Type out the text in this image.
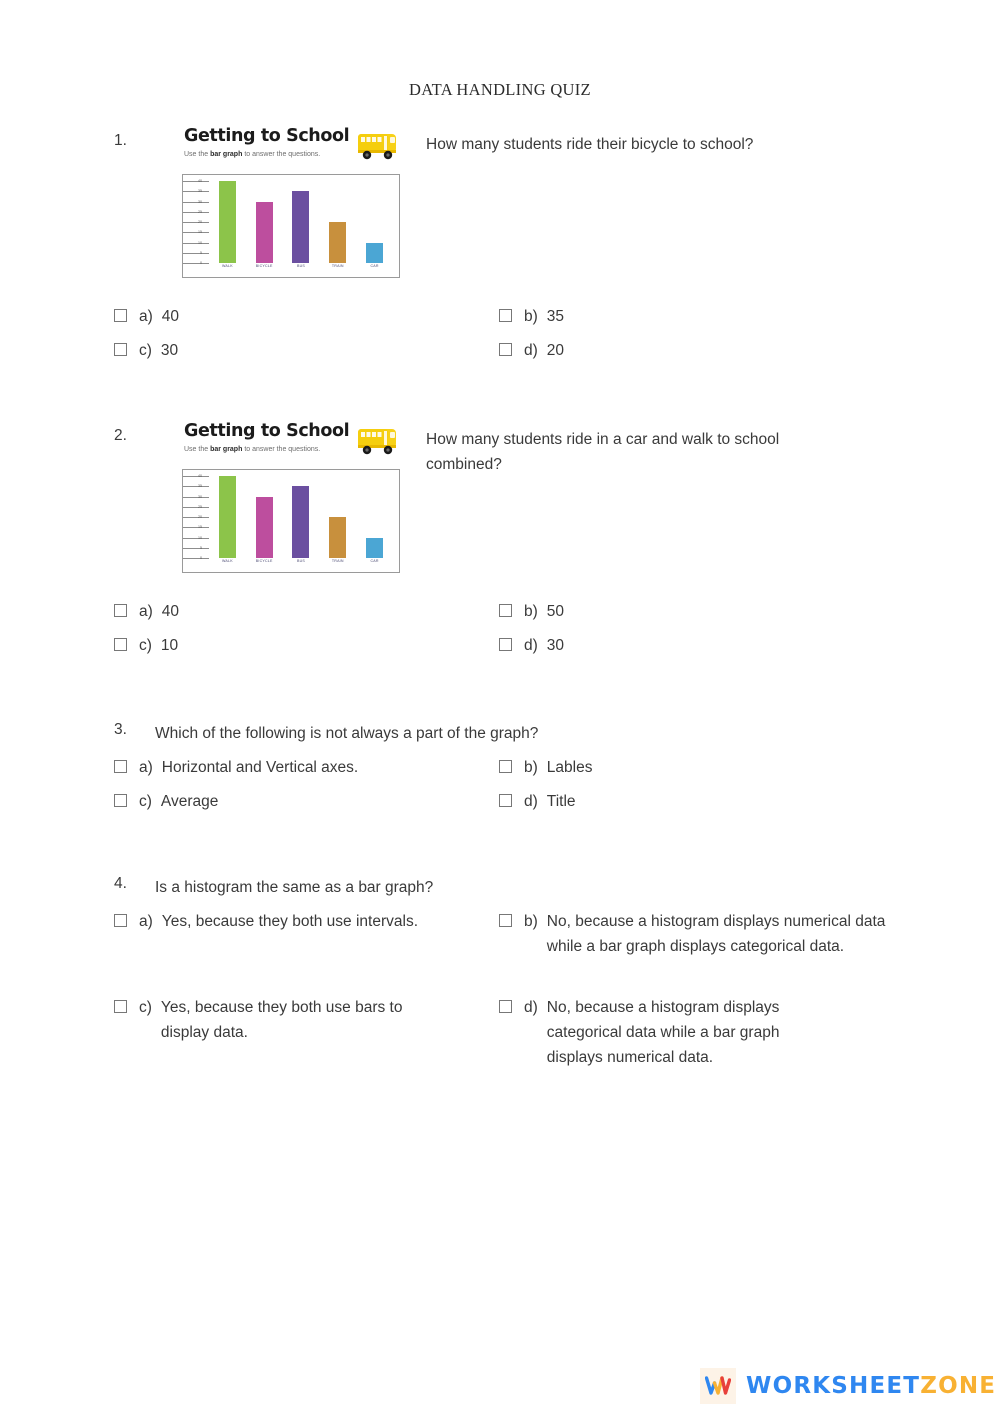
DATA HANDLING QUIZ
1.	How many students ride their bicycle to school?
Getting to School
Use the bar graph to answer the questions.
40
35
30
25
20
15
10
5
0
WALK	BICYCLE	BUS	TRAIN	CAR
a) 40	b) 35
c) 30	d) 20
2.	How many students ride in a car and walk to school combined?
Getting to School
Use the bar graph to answer the questions.
40
35
30
25
20
15
10
5
0
WALK	BICYCLE	BUS	TRAIN	CAR
a) 40	b) 50
c) 10	d) 30
3. Which of the following is not always a part of the graph?
a) Horizontal and Vertical axes.	b) Lables
c) Average	d) Title
4. Is a histogram the same as a bar graph?
a) Yes, because they both use intervals.	b) No, because a histogram displays numerical data while a bar graph displays categorical data.
c) Yes, because they both use bars to display data.
d) No, because a histogram displays categorical data while a bar graph displays numerical data.
WORKSHEETZONE
